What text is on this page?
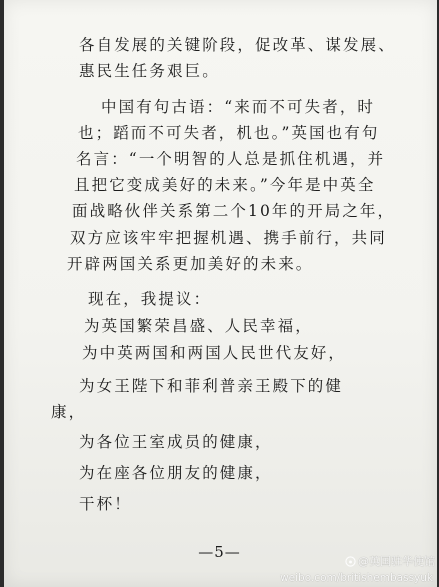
各自发展的关键阶段，促改革、谋发展、
惠民生任务艰巨。
中国有句古语：“来而不可失者，时
也；蹈而不可失者，机也。”英国也有句
名言：“一个明智的人总是抓住机遇，并
且把它变成美好的未来。”今年是中英全
面战略伙伴关系第二个10年的开局之年，
双方应该牢牢把握机遇、携手前行，共同
开辟两国关系更加美好的未来。
现在，我提议：
为英国繁荣昌盛、人民幸福，
为中英两国和两国人民世代友好，
为女王陛下和菲利普亲王殿下的健
康，
为各位王室成员的健康，
为在座各位朋友的健康，
干杯！
—5—
@英国驻华使馆
weibo.com/britishembassyuk
